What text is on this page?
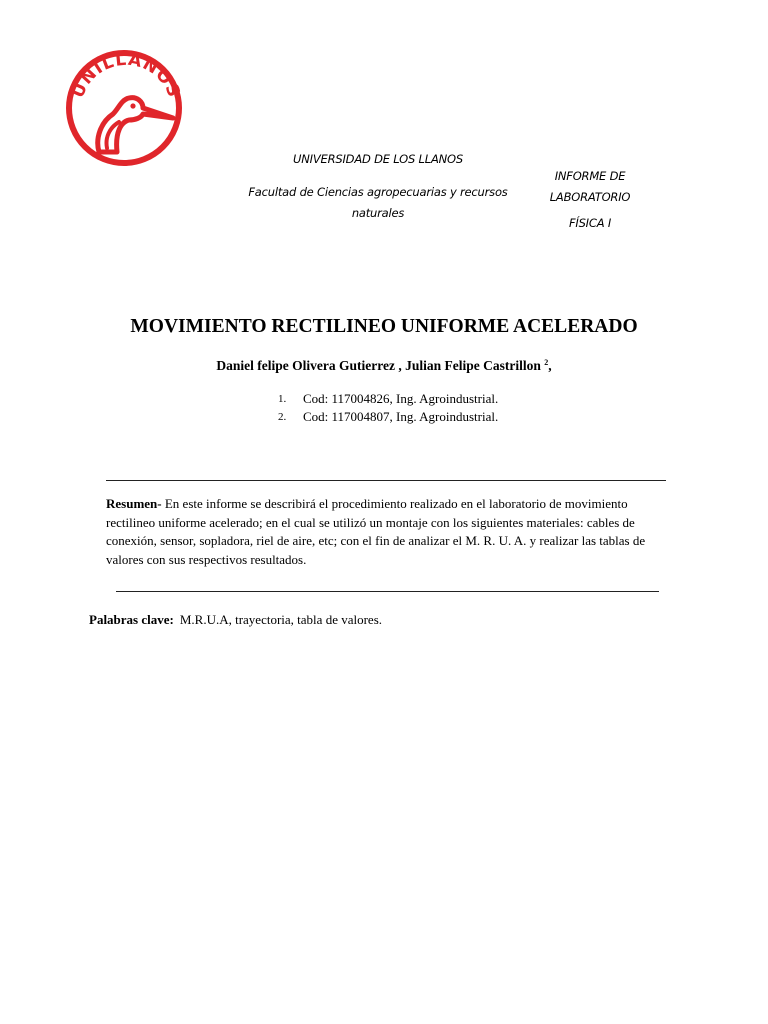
UNILLANOS
UNIVERSIDAD DE LOS LLANOS
Facultad de Ciencias agropecuarias y recursos naturales
INFORME DE LABORATORIO
FÍSICA I
MOVIMIENTO RECTILINEO UNIFORME ACELERADO
Daniel felipe Olivera Gutierrez , Julian Felipe Castrillon $^2$,
1.	Cod: 117004826, Ing. Agroindustrial.
2.	Cod: 117004807, Ing. Agroindustrial.
Resumen- En este informe se describirá el procedimiento realizado en el laboratorio de movimiento rectilineo uniforme acelerado; en el cual se utilizó un montaje con los siguientes materiales: cables de conexión, sensor, sopladora, riel de aire, etc; con el fin de analizar el M. R. U. A. y realizar las tablas de valores con sus respectivos resultados.
Palabras clave: M.R.U.A, trayectoria, tabla de valores.
